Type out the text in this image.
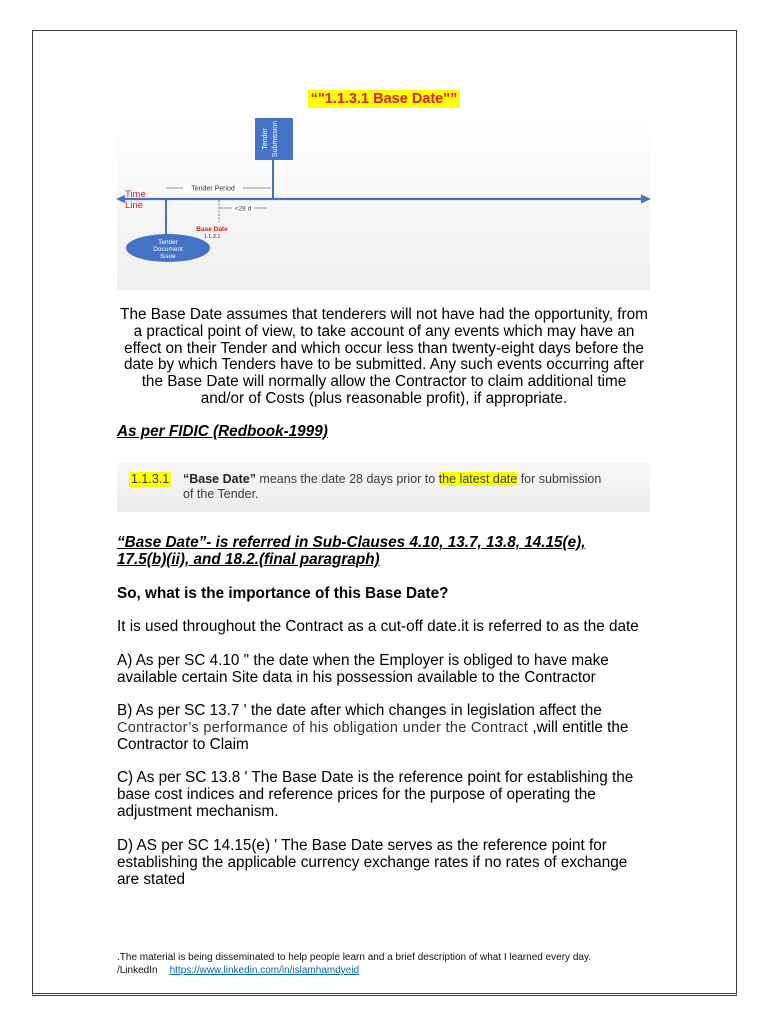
“"1.1.3.1 Base Date"”
Time
Line
Tender Period
Tender Submission
Tender
Document
Issue
<28 d
Base Date
1.1.3.1
The Base Date assumes that tenderers will not have had the opportunity, from
a practical point of view, to take account of any events which may have an
effect on their Tender and which occur less than twenty-eight days before the
date by which Tenders have to be submitted. Any such events occurring after
the Base Date will normally allow the Contractor to claim additional time
and/or of Costs (plus reasonable profit), if appropriate.
As per FIDIC (Redbook-1999)
1.1.3.1 “Base Date” means the date 28 days prior to the latest date for submission
of the Tender.
“Base Date”- is referred in Sub-Clauses 4.10, 13.7, 13.8, 14.15(e),
17.5(b)(ii), and 18.2.(final paragraph)
So, what is the importance of this Base Date?
It is used throughout the Contract as a cut-off date.it is referred to as the date
A) As per SC 4.10 " the date when the Employer is obliged to have make
available certain Site data in his possession available to the Contractor
B) As per SC 13.7 ' the date after which changes in legislation affect the
Contractor’s performance of his obligation under the Contract ,will entitle the
Contractor to Claim
C) As per SC 13.8 ' The Base Date is the reference point for establishing the
base cost indices and reference prices for the purpose of operating the
adjustment mechanism.
D) AS per SC 14.15(e) ' The Base Date serves as the reference point for
establishing the applicable currency exchange rates if no rates of exchange
are stated
.The material is being disseminated to help people learn and a brief description of what I learned every day.
/LinkedIn https://www.linkedin.com/in/islamhamdyeid
